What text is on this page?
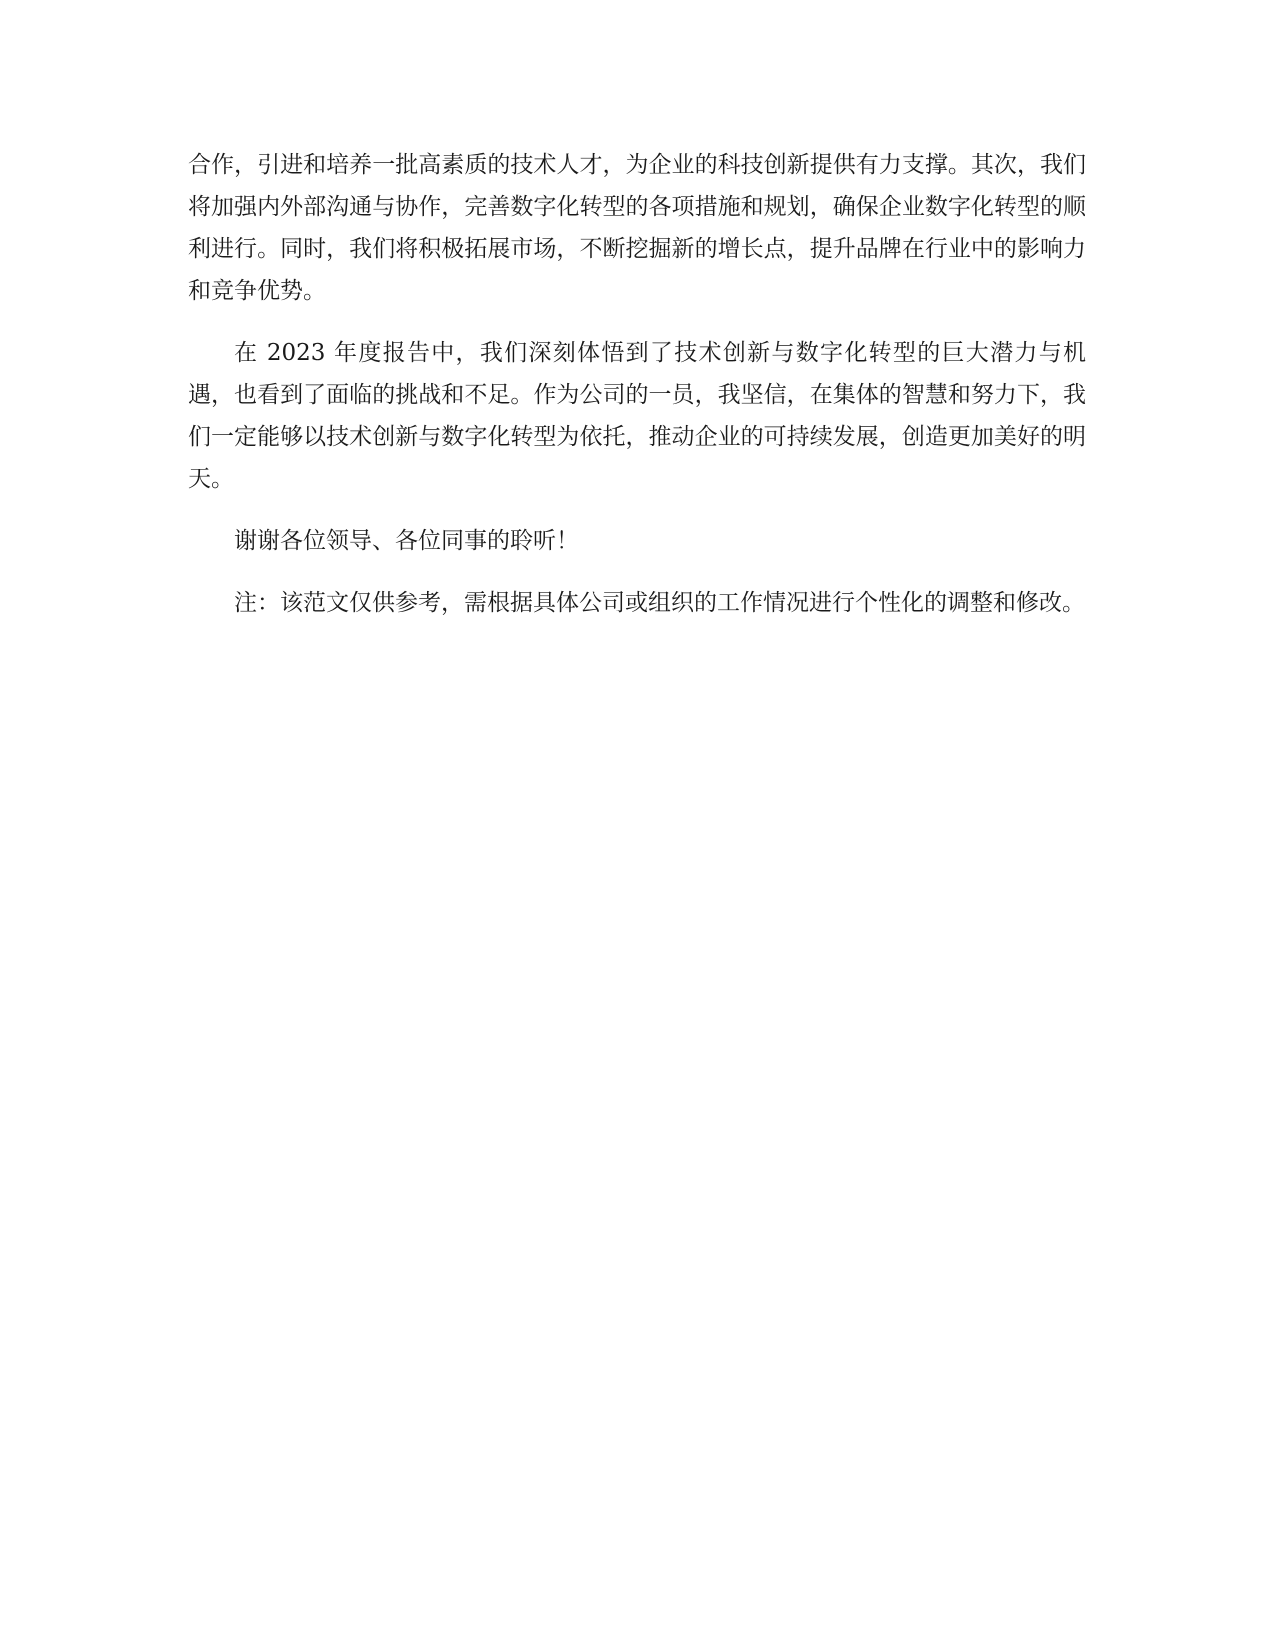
合作，引进和培养一批高素质的技术人才，为企业的科技创新提供有力支撑。其次，我们将加强内外部沟通与协作，完善数字化转型的各项措施和规划，确保企业数字化转型的顺利进行。同时，我们将积极拓展市场，不断挖掘新的增长点，提升品牌在行业中的影响力和竞争优势。

在 2023 年度报告中，我们深刻体悟到了技术创新与数字化转型的巨大潜力与机遇，也看到了面临的挑战和不足。作为公司的一员，我坚信，在集体的智慧和努力下，我们一定能够以技术创新与数字化转型为依托，推动企业的可持续发展，创造更加美好的明天。

谢谢各位领导、各位同事的聆听！

注：该范文仅供参考，需根据具体公司或组织的工作情况进行个性化的调整和修改。
